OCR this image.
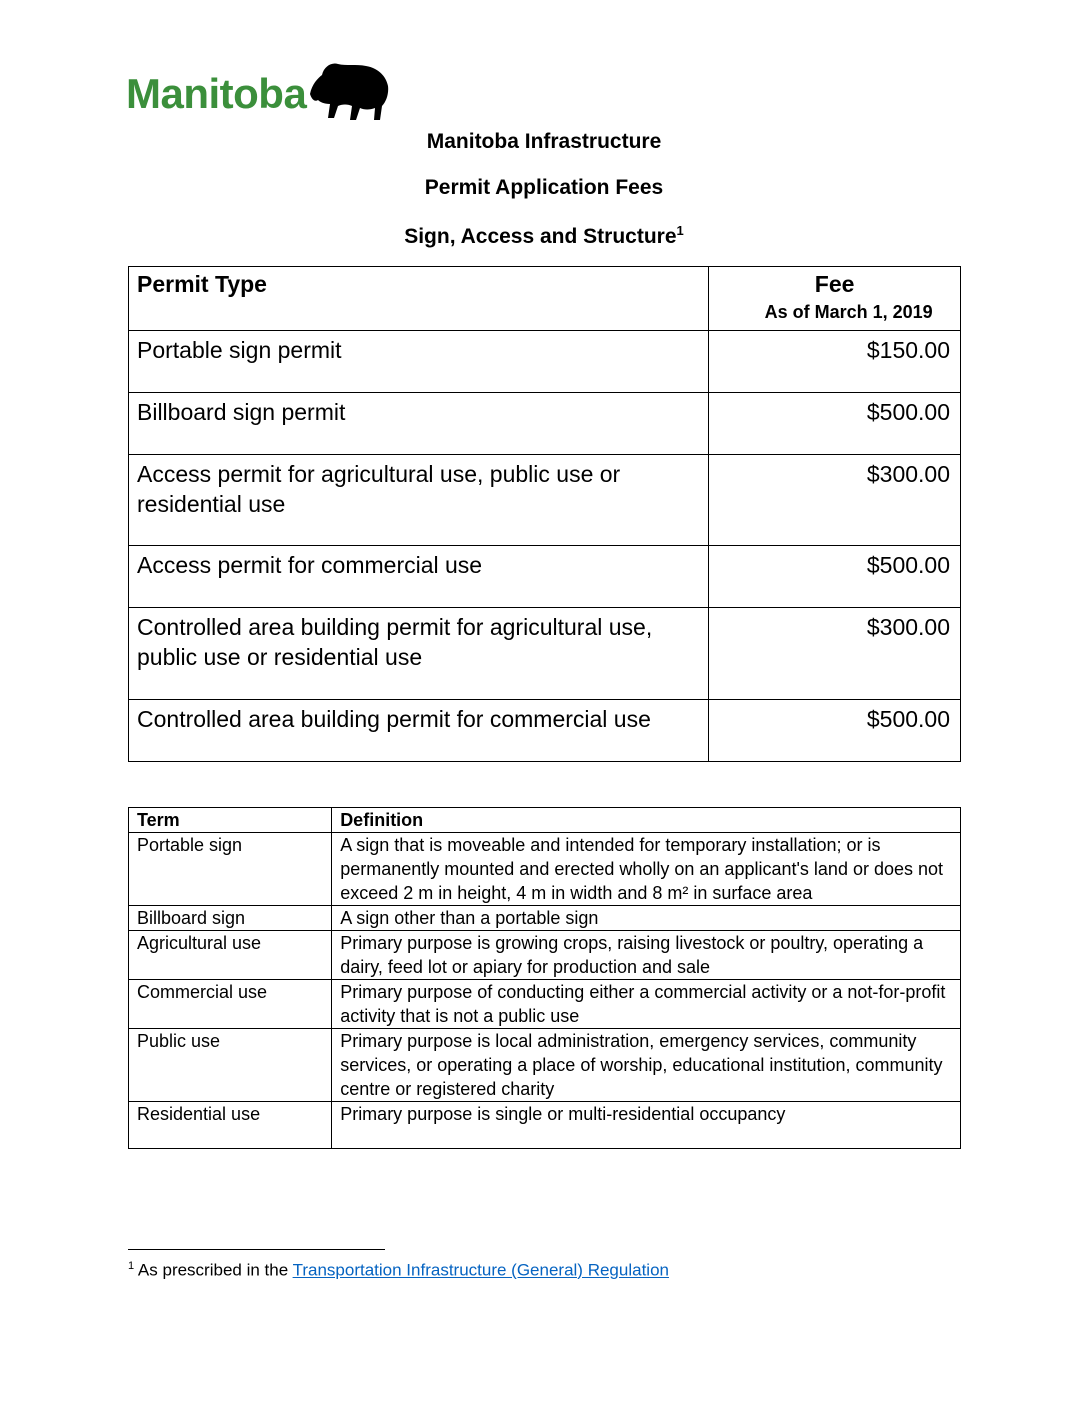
Manitoba
Manitoba Infrastructure
Permit Application Fees
Sign, Access and Structure$^1$
Permit Type	Fee
As of March 1, 2019

Portable sign permit	$150.00
Billboard sign permit	$500.00
Access permit for agricultural use, public use or residential use	$300.00
Access permit for commercial use	$500.00
Controlled area building permit for agricultural use, public use or residential use	$300.00
Controlled area building permit for commercial use	$500.00
Term	Definition
Portable sign	A sign that is moveable and intended for temporary installation; or is permanently mounted and erected wholly on an applicant's land or does not exceed 2 m in height, 4 m in width and 8 m² in surface area
Billboard sign	A sign other than a portable sign
Agricultural use	Primary purpose is growing crops, raising livestock or poultry, operating a dairy, feed lot or apiary for production and sale
Commercial use	Primary purpose of conducting either a commercial activity or a not-for-profit activity that is not a public use
Public use	Primary purpose is local administration, emergency services, community services, or operating a place of worship, educational institution, community centre or registered charity
Residential use	Primary purpose is single or multi-residential occupancy
$^1$ As prescribed in the Transportation Infrastructure (General) Regulation
